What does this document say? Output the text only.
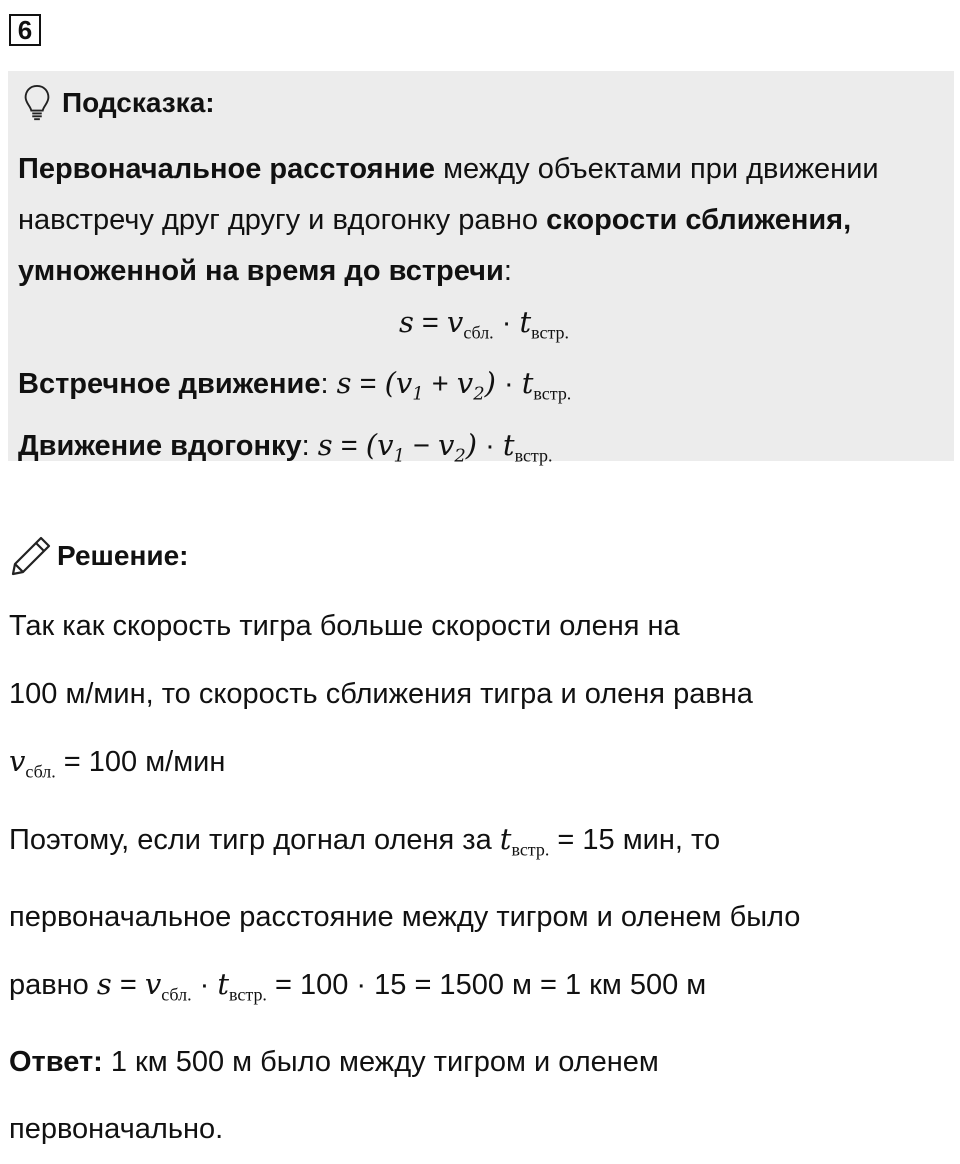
6
Подсказка:
Первоначальное расстояние между объектами при движении навстречу друг другу и вдогонку равно скорости сближения, умноженной на время до встречи:
$s = v_{сбл.} \cdot t_{встр.}$
Встречное движение: $s = (v_1 + v_2) \cdot t_{встр.}$
Движение вдогонку: $s = (v_1 - v_2) \cdot t_{встр.}$
Решение:

Так как скорость тигра больше скорости оленя на

100 м/мин, то скорость сближения тигра и оленя равна

$v_{сбл.} = 100$ м/мин

Поэтому, если тигр догнал оленя за $t_{встр.} = 15$ мин, то

первоначальное расстояние между тигром и оленем было

равно $s = v_{сбл.} \cdot t_{встр.} = 100 \cdot 15 = 1500$ м = 1 км 500 м

Ответ: 1 км 500 м было между тигром и оленем

первоначально.
